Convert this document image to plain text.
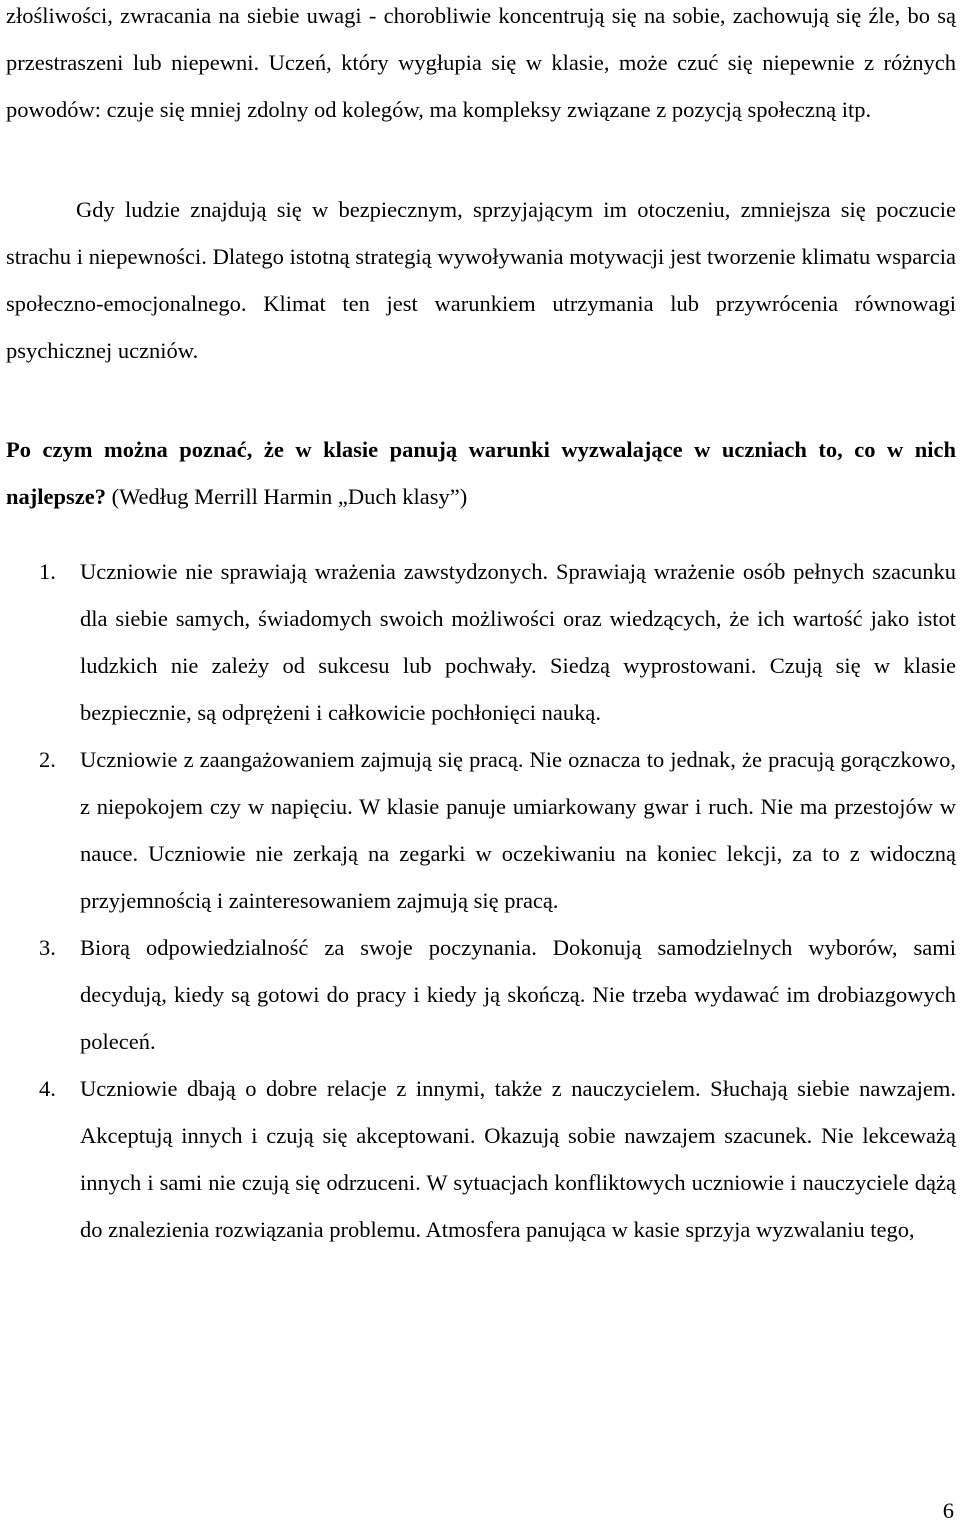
złośliwości, zwracania na siebie uwagi - chorobliwie koncentrują się na sobie, zachowują się źle, bo są przestraszeni lub niepewni. Uczeń, który wygłupia się w klasie, może czuć się niepewnie z różnych powodów: czuje się mniej zdolny od kolegów, ma kompleksy związane z pozycją społeczną itp.

Gdy ludzie znajdują się w bezpiecznym, sprzyjającym im otoczeniu, zmniejsza się poczucie strachu i niepewności. Dlatego istotną strategią wywoływania motywacji jest tworzenie klimatu wsparcia społeczno-emocjonalnego. Klimat ten jest warunkiem utrzymania lub przywrócenia równowagi psychicznej uczniów.

Po czym można poznać, że w klasie panują warunki wyzwalające w uczniach to, co w nich najlepsze? (Według Merrill Harmin „Duch klasy”)

1. Uczniowie nie sprawiają wrażenia zawstydzonych. Sprawiają wrażenie osób pełnych szacunku dla siebie samych, świadomych swoich możliwości oraz wiedzących, że ich wartość jako istot ludzkich nie zależy od sukcesu lub pochwały. Siedzą wyprostowani. Czują się w klasie bezpiecznie, są odprężeni i całkowicie pochłonięci nauką.
2. Uczniowie z zaangażowaniem zajmują się pracą. Nie oznacza to jednak, że pracują gorączkowo, z niepokojem czy w napięciu. W klasie panuje umiarkowany gwar i ruch. Nie ma przestojów w nauce. Uczniowie nie zerkają na zegarki w oczekiwaniu na koniec lekcji, za to z widoczną przyjemnością i zainteresowaniem zajmują się pracą.
3. Biorą odpowiedzialność za swoje poczynania. Dokonują samodzielnych wyborów, sami decydują, kiedy są gotowi do pracy i kiedy ją skończą. Nie trzeba wydawać im drobiazgowych poleceń.
4. Uczniowie dbają o dobre relacje z innymi, także z nauczycielem. Słuchają siebie nawzajem. Akceptują innych i czują się akceptowani. Okazują sobie nawzajem szacunek. Nie lekceważą innych i sami nie czują się odrzuceni. W sytuacjach konfliktowych uczniowie i nauczyciele dążą do znalezienia rozwiązania problemu. Atmosfera panująca w kasie sprzyja wyzwalaniu tego,
6
